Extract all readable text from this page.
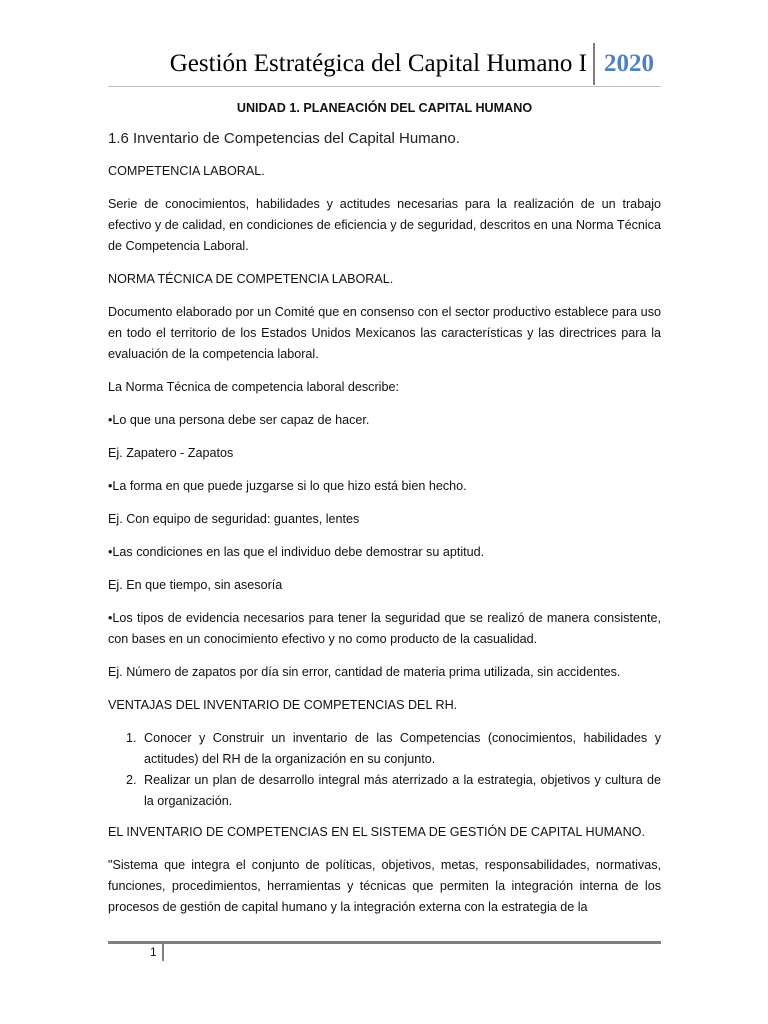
Gestión Estratégica del Capital Humano I 2020

UNIDAD 1. PLANEACIÓN DEL CAPITAL HUMANO

1.6 Inventario de Competencias del Capital Humano.

COMPETENCIA LABORAL.

Serie de conocimientos, habilidades y actitudes necesarias para la realización de un trabajo efectivo y de calidad, en condiciones de eficiencia y de seguridad, descritos en una Norma Técnica de Competencia Laboral.

NORMA TÉCNICA DE COMPETENCIA LABORAL.

Documento elaborado por un Comité que en consenso con el sector productivo establece para uso en todo el territorio de los Estados Unidos Mexicanos las características y las directrices para la evaluación de la competencia laboral.

La Norma Técnica de competencia laboral describe:

•Lo que una persona debe ser capaz de hacer.

Ej. Zapatero - Zapatos

•La forma en que puede juzgarse si lo que hizo está bien hecho.

Ej. Con equipo de seguridad: guantes, lentes

•Las condiciones en las que el individuo debe demostrar su aptitud.

Ej. En que tiempo, sin asesoría

•Los tipos de evidencia necesarios para tener la seguridad que se realizó de manera consistente, con bases en un conocimiento efectivo y no como producto de la casualidad.

Ej. Número de zapatos por día sin error, cantidad de materia prima utilizada, sin accidentes.

VENTAJAS DEL INVENTARIO DE COMPETENCIAS DEL RH.

1. Conocer y Construir un inventario de las Competencias (conocimientos, habilidades y actitudes) del RH de la organización en su conjunto.
2. Realizar un plan de desarrollo integral más aterrizado a la estrategia, objetivos y cultura de la organización.

EL INVENTARIO DE COMPETENCIAS EN EL SISTEMA DE GESTIÓN DE CAPITAL HUMANO.

"Sistema que integra el conjunto de políticas, objetivos, metas, responsabilidades, normativas, funciones, procedimientos, herramientas y técnicas que permiten la integración interna de los procesos de gestión de capital humano y la integración externa con la estrategia de la

1
